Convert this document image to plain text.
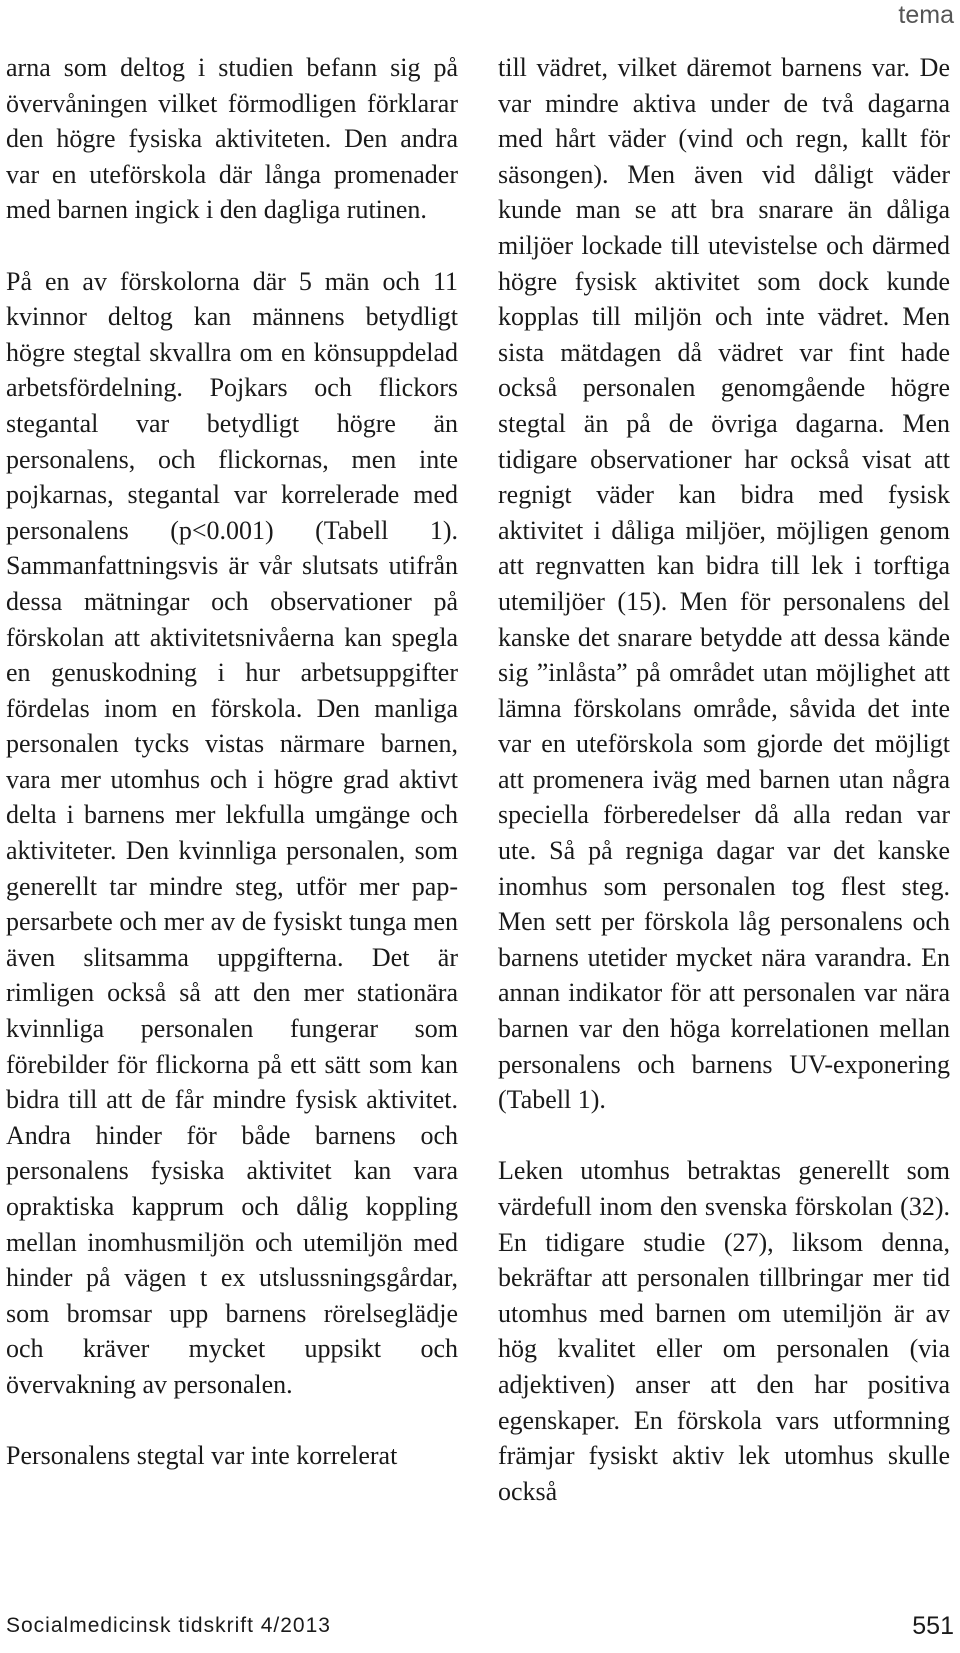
tema

arna som deltog i studien befann sig på övervåningen vilket förmodligen förklarar den högre fysiska aktiviteten. Den andra var en uteförskola där långa promenader med barnen ingick i den dagliga rutinen.

På en av förskolorna där 5 män och 11 kvinnor deltog kan männens betydligt högre stegtal skvallra om en könsuppdelad arbetsfördelning. Pojkars och flickors stegantal var betydligt högre än personalens, och flickornas, men inte pojkarnas, stegantal var korrelerade med personalens (p<0.001) (Tabell 1). Sammanfattningsvis är vår slutsats utifrån dessa mätningar och observationer på förskolan att aktivitetsnivåerna kan spegla en genuskodning i hur arbetsuppgifter fördelas inom en förskola. Den manliga personalen tycks vistas närmare barnen, vara mer utomhus och i högre grad aktivt delta i barnens mer lekfulla umgänge och aktiviteter. Den kvinnliga personalen, som generellt tar mindre steg, utför mer pappersarbete och mer av de fysiskt tunga men även slitsamma uppgifterna. Det är rimligen också så att den mer stationära kvinnliga personalen fungerar som förebilder för flickorna på ett sätt som kan bidra till att de får mindre fysisk aktivitet. Andra hinder för både barnens och personalens fysiska aktivitet kan vara opraktiska kapprum och dålig koppling mellan inomhusmiljön och utemiljön med hinder på vägen t ex utslussningsgårdar, som bromsar upp barnens rörelseglädje och kräver mycket uppsikt och övervakning av personalen.

Personalens stegtal var inte korrelerat

till vädret, vilket däremot barnens var. De var mindre aktiva under de två dagarna med hårt väder (vind och regn, kallt för säsongen). Men även vid dåligt väder kunde man se att bra snarare än dåliga miljöer lockade till utevistelse och därmed högre fysisk aktivitet som dock kunde kopplas till miljön och inte vädret. Men sista mätdagen då vädret var fint hade också personalen genomgående högre stegtal än på de övriga dagarna. Men tidigare observationer har också visat att regnigt väder kan bidra med fysisk aktivitet i dåliga miljöer, möjligen genom att regnvatten kan bidra till lek i torftiga utemiljöer (15). Men för personalens del kanske det snarare betydde att dessa kände sig ”inlåsta” på området utan möjlighet att lämna förskolans område, såvida det inte var en uteförskola som gjorde det möjligt att promenera iväg med barnen utan några speciella förberedelser då alla redan var ute. Så på regniga dagar var det kanske inomhus som personalen tog flest steg. Men sett per förskola låg personalens och barnens utetider mycket nära varandra. En annan indikator för att personalen var nära barnen var den höga korrelationen mellan personalens och barnens UV-exponering (Tabell 1).

Leken utomhus betraktas generellt som värdefull inom den svenska förskolan (32). En tidigare studie (27), liksom denna, bekräftar att personalen tillbringar mer tid utomhus med barnen om utemiljön är av hög kvalitet eller om personalen (via adjektiven) anser att den har positiva egenskaper. En förskola vars utformning främjar fysiskt aktiv lek utomhus skulle också

Socialmedicinsk tidskrift 4/2013	551
